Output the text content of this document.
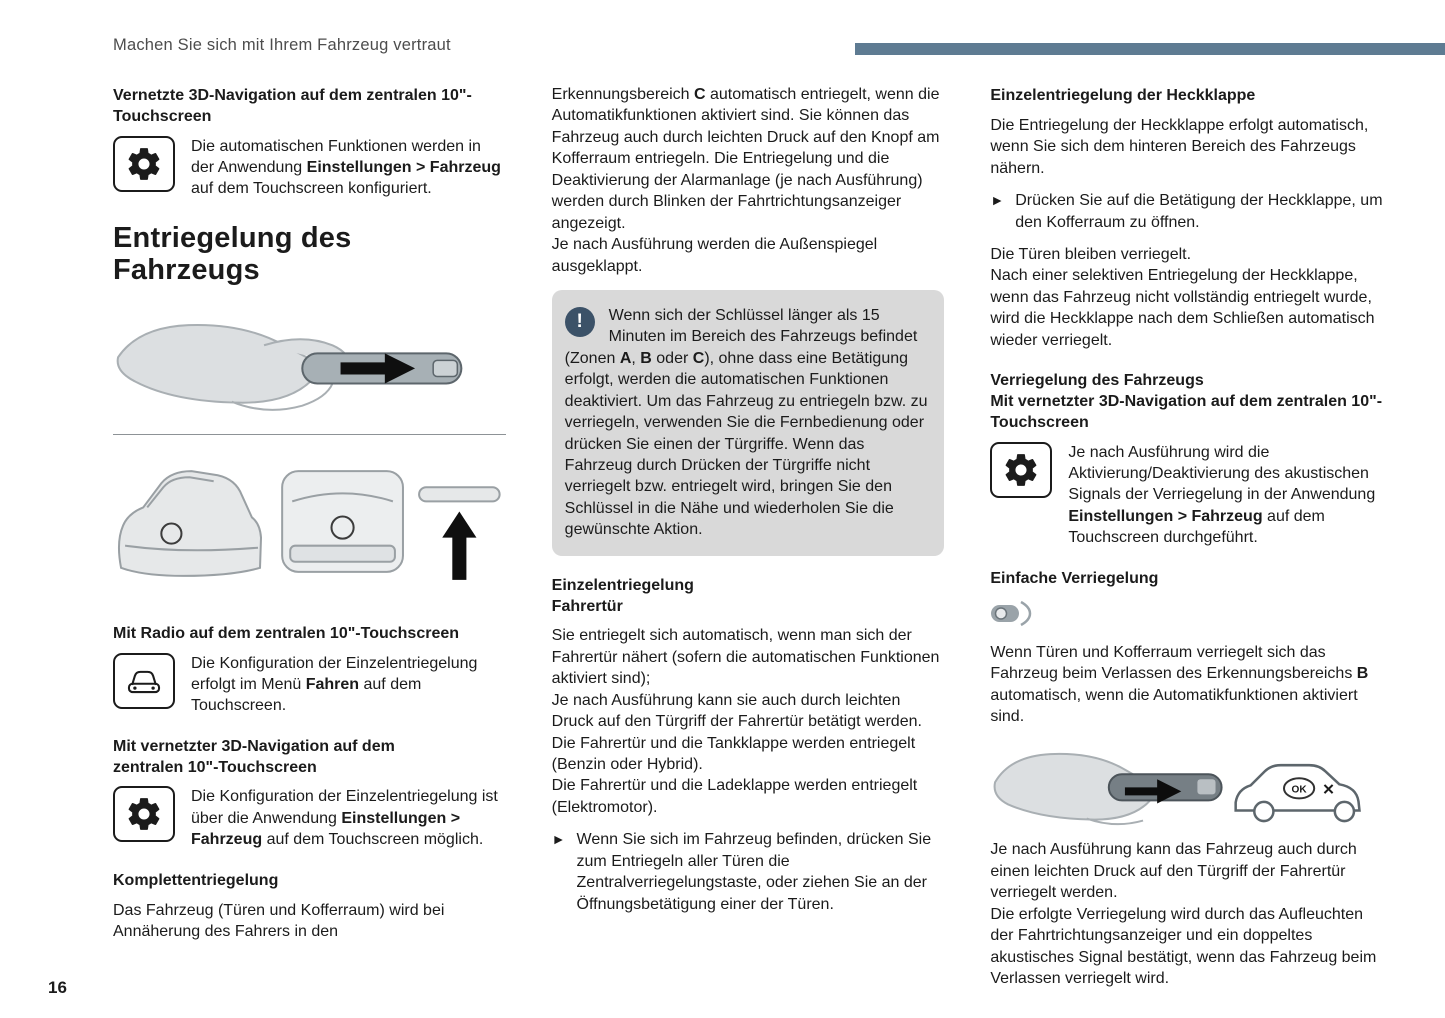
Machen Sie sich mit Ihrem Fahrzeug vertraut
Vernetzte 3D-Navigation auf dem zentralen 10"-Touchscreen

Die automatischen Funktionen werden in der Anwendung Einstellungen > Fahrzeug auf dem Touchscreen konfiguriert.

Entriegelung des Fahrzeugs
Mit Radio auf dem zentralen 10"-Touchscreen

Die Konfiguration der Einzelentriegelung erfolgt im Menü Fahren auf dem Touchscreen.

Mit vernetzter 3D-Navigation auf dem
zentralen 10"-Touchscreen

Die Konfiguration der Einzelentriegelung ist über die Anwendung Einstellungen > Fahrzeug auf dem Touchscreen möglich.

Komplettentriegelung

Das Fahrzeug (Türen und Kofferraum) wird bei Annäherung des Fahrers in den

Erkennungsbereich C automatisch entriegelt, wenn die Automatikfunktionen aktiviert sind. Sie können das Fahrzeug auch durch leichten Druck auf den Knopf am Kofferraum entriegeln. Die Entriegelung und die Deaktivierung der Alarmanlage (je nach Ausführung) werden durch Blinken der Fahrtrichtungsanzeiger angezeigt.

Je nach Ausführung werden die Außenspiegel ausgeklappt.

!	Wenn sich der Schlüssel länger als 15 Minuten im Bereich des Fahrzeugs befindet (Zonen A, B oder C), ohne dass eine Betätigung erfolgt, werden die automatischen Funktionen deaktiviert. Um das Fahrzeug zu entriegeln bzw. zu verriegeln, verwenden Sie die Fernbedienung oder drücken Sie einen der Türgriffe. Wenn das Fahrzeug durch Drücken der Türgriffe nicht verriegelt bzw. entriegelt wird, bringen Sie den Schlüssel in die Nähe und wiederholen Sie die gewünschte Aktion.

Einzelentriegelung
Fahrertür

Sie entriegelt sich automatisch, wenn man sich der Fahrertür nähert (sofern die automatischen Funktionen aktiviert sind);

Je nach Ausführung kann sie auch durch leichten Druck auf den Türgriff der Fahrertür betätigt werden.

Die Fahrertür und die Tankklappe werden entriegelt (Benzin oder Hybrid).

Die Fahrertür und die Ladeklappe werden entriegelt (Elektromotor).

► Wenn Sie sich im Fahrzeug befinden, drücken Sie zum Entriegeln aller Türen die Zentralverriegelungstaste, oder ziehen Sie an der Öffnungsbetätigung einer der Türen.

Einzelentriegelung der Heckklappe

Die Entriegelung der Heckklappe erfolgt automatisch, wenn Sie sich dem hinteren Bereich des Fahrzeugs nähern.

► Drücken Sie auf die Betätigung der Heckklappe, um den Kofferraum zu öffnen.

Die Türen bleiben verriegelt.

Nach einer selektiven Entriegelung der Heckklappe, wenn das Fahrzeug nicht vollständig entriegelt wurde, wird die Heckklappe nach dem Schließen automatisch wieder verriegelt.

Verriegelung des Fahrzeugs
Mit vernetzter 3D-Navigation auf dem zentralen 10"-Touchscreen

Je nach Ausführung wird die Aktivierung/Deaktivierung des akustischen Signals der Verriegelung in der Anwendung Einstellungen > Fahrzeug auf dem Touchscreen durchgeführt.

Einfache Verriegelung

Wenn Türen und Kofferraum verriegelt sich das Fahrzeug beim Verlassen des Erkennungsbereichs B automatisch, wenn die Automatikfunktionen aktiviert sind.

OK ✕

Je nach Ausführung kann das Fahrzeug auch durch einen leichten Druck auf den Türgriff der Fahrertür verriegelt werden.

Die erfolgte Verriegelung wird durch das Aufleuchten der Fahrtrichtungsanzeiger und ein doppeltes akustisches Signal bestätigt, wenn das Fahrzeug beim Verlassen verriegelt wird.

16
